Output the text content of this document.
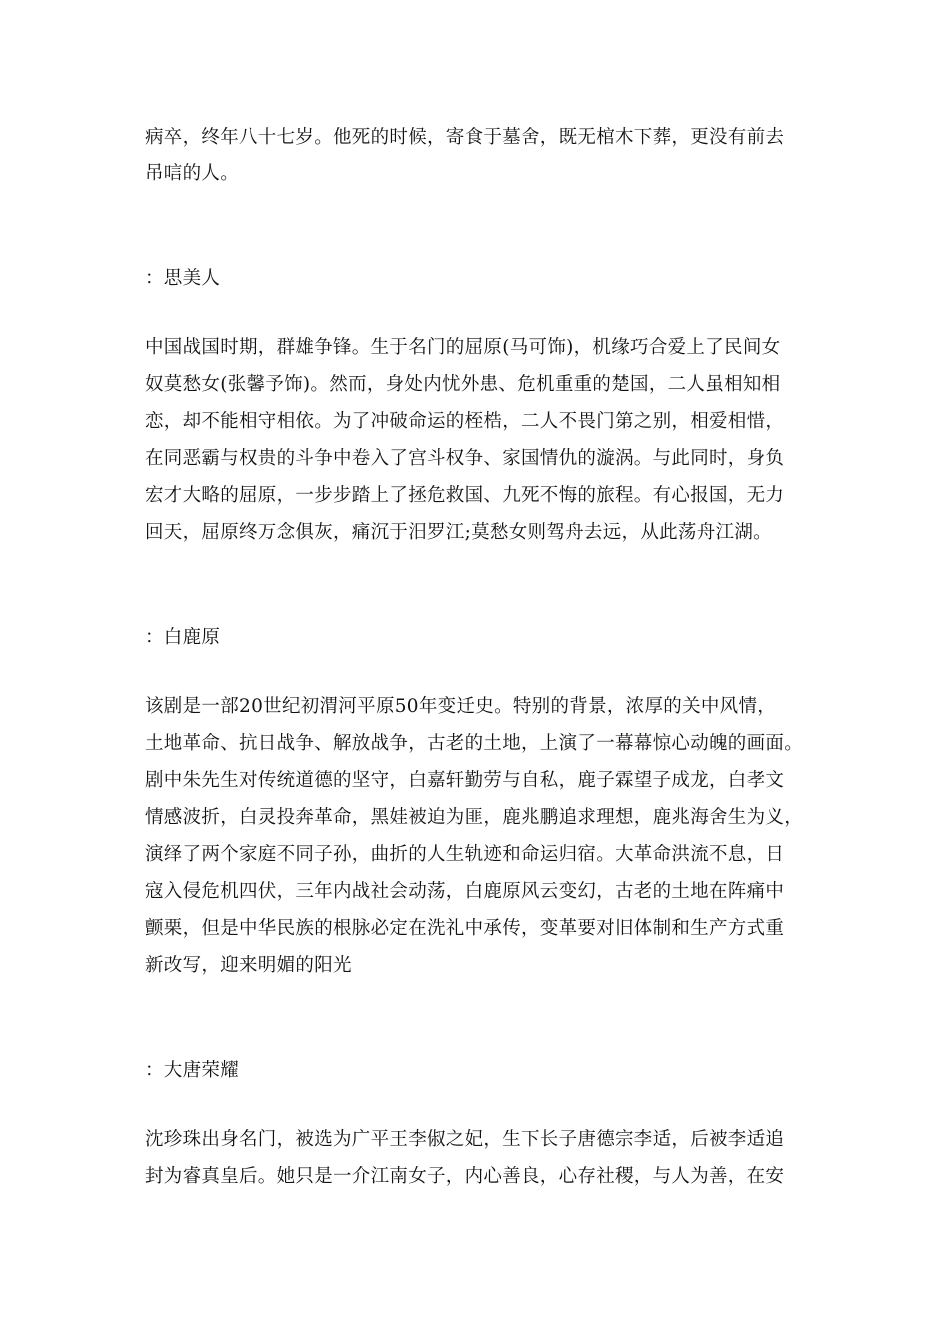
病卒，终年八十七岁。他死的时候，寄食于墓舍，既无棺木下葬，更没有前去
吊唁的人。
：思美人
中国战国时期，群雄争锋。生于名门的屈原(马可饰)，机缘巧合爱上了民间女
奴莫愁女(张馨予饰)。然而，身处内忧外患、危机重重的楚国，二人虽相知相
恋，却不能相守相依。为了冲破命运的桎梏，二人不畏门第之别，相爱相惜，
在同恶霸与权贵的斗争中卷入了宫斗权争、家国情仇的漩涡。与此同时，身负
宏才大略的屈原，一步步踏上了拯危救国、九死不悔的旅程。有心报国，无力
回天，屈原终万念俱灰，痛沉于汨罗江;莫愁女则驾舟去远，从此荡舟江湖。
：白鹿原
该剧是一部20世纪初渭河平原50年变迁史。特别的背景，浓厚的关中风情，
土地革命、抗日战争、解放战争，古老的土地，上演了一幕幕惊心动魄的画面。
剧中朱先生对传统道德的坚守，白嘉轩勤劳与自私，鹿子霖望子成龙，白孝文
情感波折，白灵投奔革命，黑娃被迫为匪，鹿兆鹏追求理想，鹿兆海舍生为义，
演绎了两个家庭不同子孙，曲折的人生轨迹和命运归宿。大革命洪流不息，日
寇入侵危机四伏，三年内战社会动荡，白鹿原风云变幻，古老的土地在阵痛中
颤栗，但是中华民族的根脉必定在洗礼中承传，变革要对旧体制和生产方式重
新改写，迎来明媚的阳光
：大唐荣耀
沈珍珠出身名门，被选为广平王李俶之妃，生下长子唐德宗李适，后被李适追
封为睿真皇后。她只是一介江南女子，内心善良，心存社稷，与人为善，在安
